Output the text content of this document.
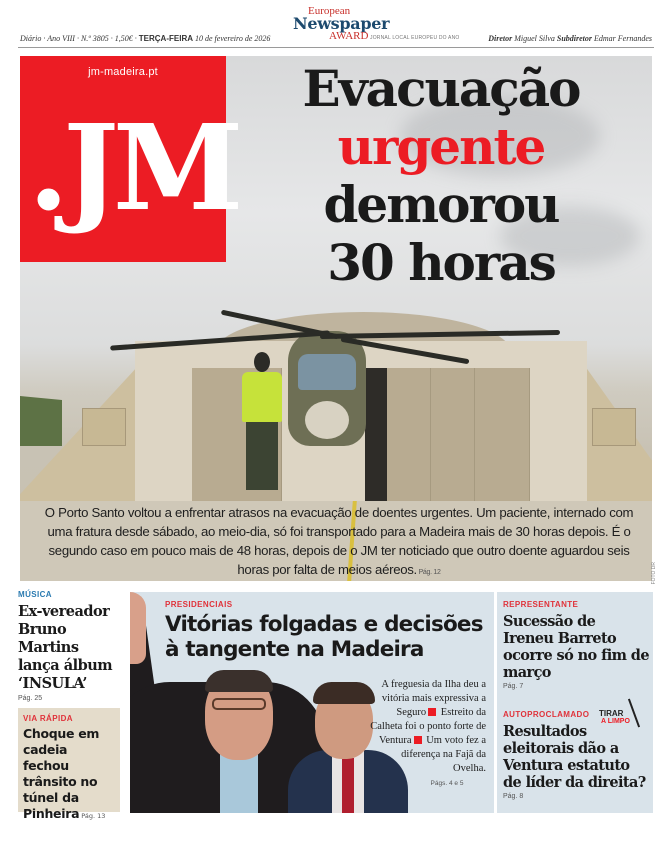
Diário · Ano VIII · N.º 3805 · 1,50€ · TERÇA-FEIRA 10 de fevereiro de 2026
European
Newspaper
AWARD JORNAL LOCAL EUROPEU DO ANO	Diretor Miguel Silva Subdiretor Edmar Fernandes
jm-madeira.pt
.JM
Evacuação
urgente
demorou
30 horas
O Porto Santo voltou a enfrentar atrasos na evacuação de doentes urgentes. Um paciente, internado com uma fratura desde sábado, ao meio-dia, só foi transportado para a Madeira mais de 30 horas depois. É o segundo caso em pouco mais de 48 horas, depois de o JM ter noticiado que outro doente aguardou seis horas por falta de meios aéreos. Pág. 12	FOTO DR
MÚSICA
Ex-vereador Bruno Martins lança álbum ‘INSULA’
Pág. 25
VIA RÁPIDA
Choque em cadeia fechou trânsito no túnel da Pinheira Pág. 13
PRESIDENCIAIS
Vitórias folgadas e decisões à tangente na Madeira
A freguesia da Ilha deu a vitória mais expressiva a Seguro Estreito da Calheta foi o ponto forte de Ventura Um voto fez a diferença na Fajã da Ovelha.
Págs. 4 e 5
REPRESENTANTE
Sucessão de Ireneu Barreto ocorre só no fim de março
Pág. 7
TIRAR
A LIMPO
AUTOPROCLAMADO
Resultados eleitorais dão a Ventura estatuto de líder da direita?
Pág. 8
